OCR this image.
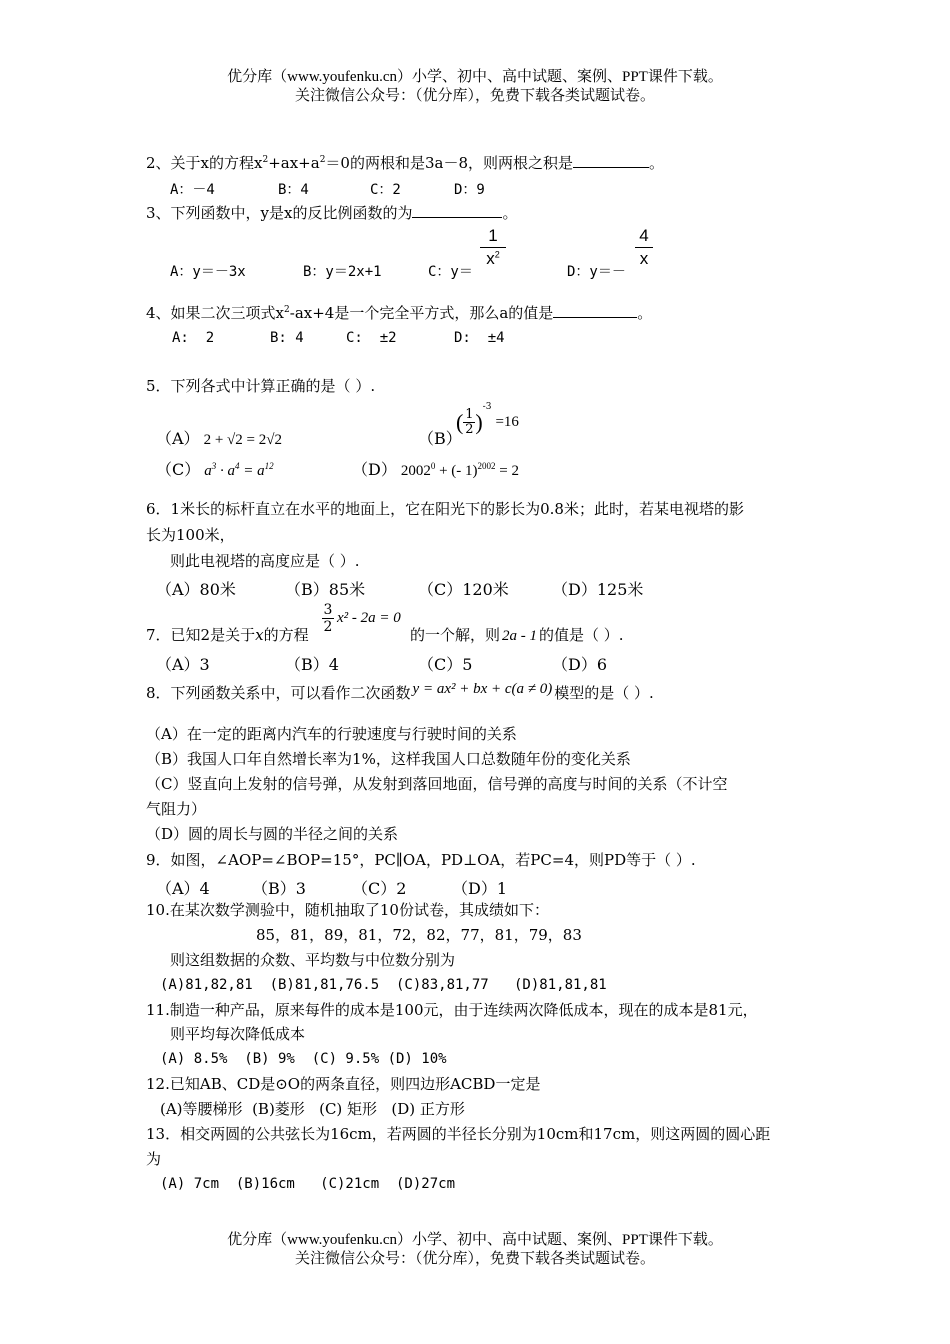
优分库（www.youfenku.cn）小学、初中、高中试题、案例、PPT课件下载。
关注微信公众号：（优分库），免费下载各类试题试卷。
2、关于x的方程$x^2+ax+a^2=0$的两根和是3a－8，则两根之积是	。
A：－4	B：4	C：2	D：9
3、下列函数中，y是x的反比例函数的为	。
A：y＝－3x	B：y＝2x+1	C：y＝
1
$x^2$
D：y＝－
4
x
4、如果二次三项式$x^2-ax+4$是一个完全平方式，那么a的值是	。
A:  2	B: 4	C:  ±2	D:  ±4
5．下列各式中计算正确的是（ ）.
（A） 2 + √2 = 2√2	（B）
( $\frac{1}{2} )^{-3}=16$
（C） $a^3 \cdot a^4 = a^{12}$	（D） $2002^0$ + (- 1)$^{2002}$ = 2
6．1米长的标杆直立在水平的地面上，它在阳光下的影长为0.8米；此时，若某电视塔的影
长为100米，
则此电视塔的高度应是（ ）.
（A）80米	（B）85米	（C）120米	（D）125米
7．已知2是关于x的方程 $\frac{3}{2} x^2 - 2a = 0$
的一个解，则 2a - 1 的值是（ ）.
（A）3	（B）4	（C）5	（D）6
8．下列函数关系中，可以看作二次函数 y = ax² + bx + c(a ≠ 0) 模型的是（ ）.
（A）在一定的距离内汽车的行驶速度与行驶时间的关系
（B）我国人口年自然增长率为1%，这样我国人口总数随年份的变化关系
（C）竖直向上发射的信号弹，从发射到落回地面，信号弹的高度与时间的关系（不计空
气阻力）
（D）圆的周长与圆的半径之间的关系
9．如图，∠AOP=∠BOP=15°，PC∥OA，PD⊥OA，若PC=4，则PD等于（ ）.
（A）4	（B）3	（C）2	（D）1
10.在某次数学测验中，随机抽取了10份试卷，其成绩如下：
85，81，89，81，72，82，77，81，79，83
则这组数据的众数、平均数与中位数分别为
(A)81,82,81  (B)81,81,76.5  (C)83,81,77   (D)81,81,81
11.制造一种产品，原来每件的成本是100元，由于连续两次降低成本，现在的成本是81元，
则平均每次降低成本
(A) 8.5%  (B) 9%  (C) 9.5% (D) 10%
12.已知AB、CD是⊙O的两条直径，则四边形ACBD一定是
(A)等腰梯形  (B)菱形   (C) 矩形   (D) 正方形
13．相交两圆的公共弦长为16cm，若两圆的半径长分别为10cm和17cm，则这两圆的圆心距
为
(A) 7cm  (B)16cm   (C)21cm  (D)27cm
优分库（www.youfenku.cn）小学、初中、高中试题、案例、PPT课件下载。
关注微信公众号：（优分库），免费下载各类试题试卷。
